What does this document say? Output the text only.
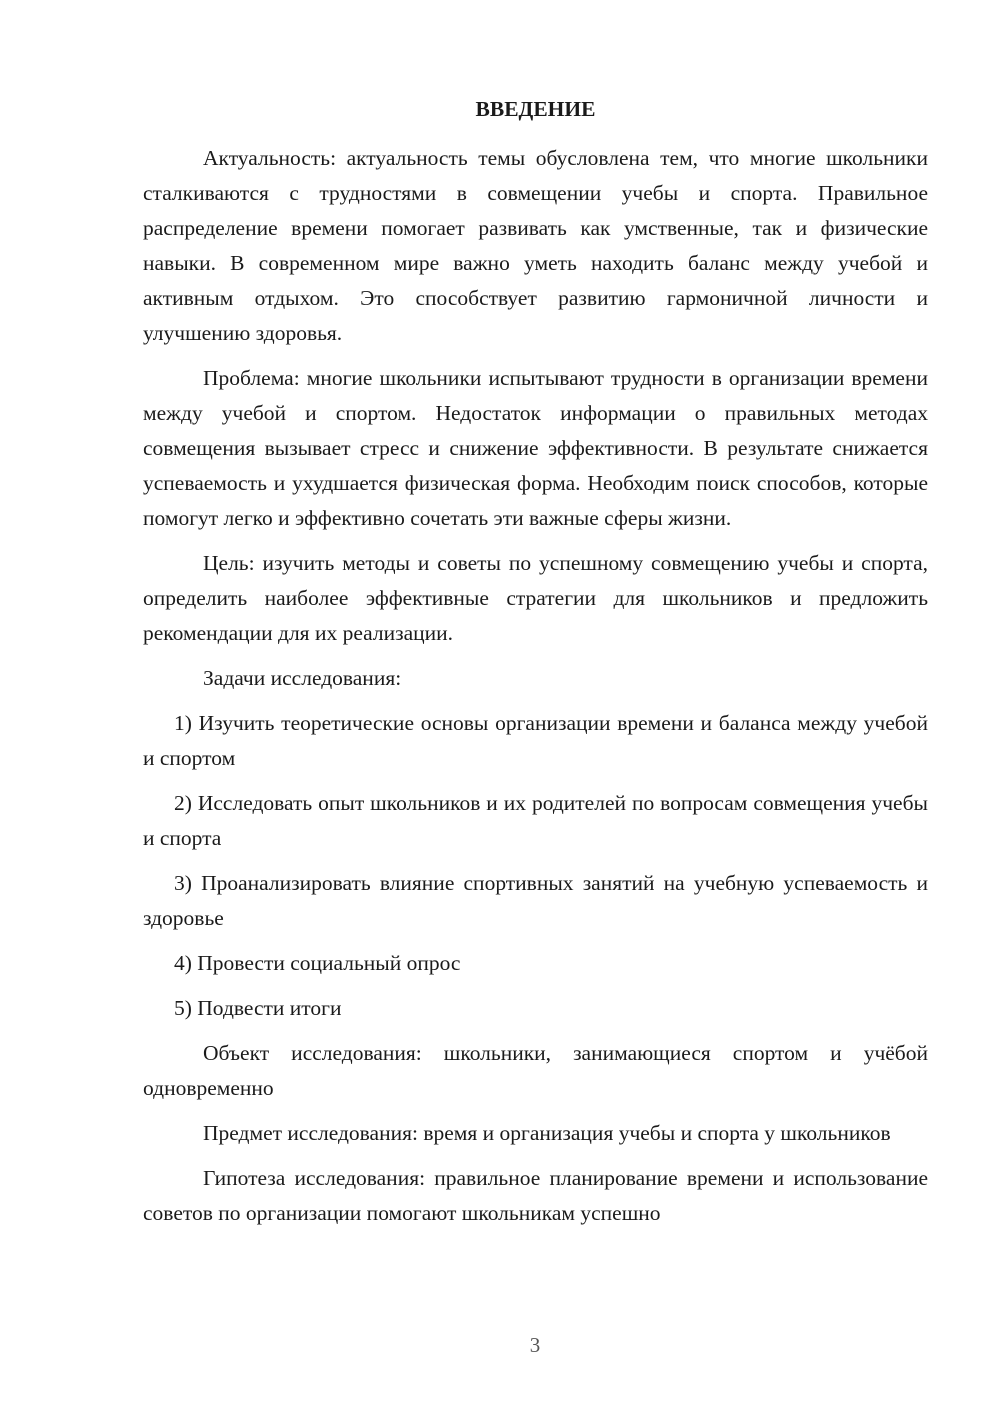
ВВЕДЕНИЕ

Актуальность: актуальность темы обусловлена тем, что многие школьники сталкиваются с трудностями в совмещении учебы и спорта. Правильное распределение времени помогает развивать как умственные, так и физические навыки. В современном мире важно уметь находить баланс между учебой и активным отдыхом. Это способствует развитию гармоничной личности и улучшению здоровья.

Проблема: многие школьники испытывают трудности в организации времени между учебой и спортом. Недостаток информации о правильных методах совмещения вызывает стресс и снижение эффективности. В результате снижается успеваемость и ухудшается физическая форма. Необходим поиск способов, которые помогут легко и эффективно сочетать эти важные сферы жизни.

Цель: изучить методы и советы по успешному совмещению учебы и спорта, определить наиболее эффективные стратегии для школьников и предложить рекомендации для их реализации.

Задачи исследования:

1) Изучить теоретические основы организации времени и баланса между учебой и спортом

2) Исследовать опыт школьников и их родителей по вопросам совмещения учебы и спорта

3) Проанализировать влияние спортивных занятий на учебную успеваемость и здоровье

4) Провести социальный опрос

5) Подвести итоги

Объект исследования: школьники, занимающиеся спортом и учёбой одновременно

Предмет исследования: время и организация учебы и спорта у школьников

Гипотеза исследования: правильное планирование времени и использование советов по организации помогают школьникам успешно

3
